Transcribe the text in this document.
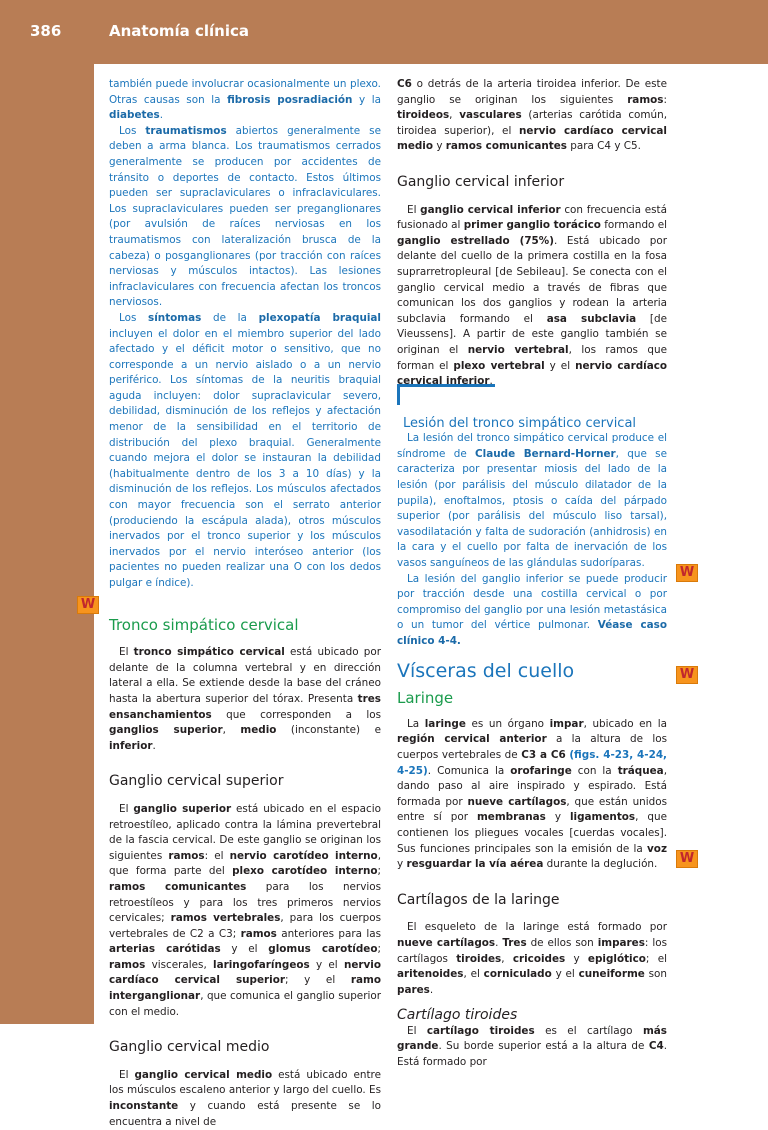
386	Anatomía clínica

también puede involucrar ocasionalmente un plexo. Otras causas son la fibrosis posradiación y la diabetes.

Los traumatismos abiertos generalmente se deben a arma blanca. Los traumatismos cerrados generalmente se producen por accidentes de tránsito o deportes de contacto. Estos últimos pueden ser supraclaviculares o infraclaviculares. Los supraclaviculares pueden ser preganglionares (por avulsión de raíces nerviosas en los traumatismos con lateralización brusca de la cabeza) o posganglionares (por tracción con raíces nerviosas y músculos intactos). Las lesiones infraclaviculares con frecuencia afectan los troncos nerviosos.

Los síntomas de la plexopatía braquial incluyen el dolor en el miembro superior del lado afectado y el déficit motor o sensitivo, que no corresponde a un nervio aislado o a un nervio periférico. Los síntomas de la neuritis braquial aguda incluyen: dolor supraclavicular severo, debilidad, disminución de los reflejos y afectación menor de la sensibilidad en el territorio de distribución del plexo braquial. Generalmente cuando mejora el dolor se instauran la debilidad (habitualmente dentro de los 3 a 10 días) y la disminución de los reflejos. Los músculos afectados con mayor frecuencia son el serrato anterior (produciendo la escápula alada), otros músculos inervados por el tronco superior y los músculos inervados por el nervio interóseo anterior (los pacientes no pueden realizar una O con los dedos pulgar e índice).

Tronco simpático cervical

El tronco simpático cervical está ubicado por delante de la columna vertebral y en dirección lateral a ella. Se extiende desde la base del cráneo hasta la abertura superior del tórax. Presenta tres ensanchamientos que corresponden a los ganglios superior, medio (inconstante) e inferior.

Ganglio cervical superior

El ganglio superior está ubicado en el espacio retroestíleo, aplicado contra la lámina prevertebral de la fascia cervical. De este ganglio se originan los siguientes ramos: el nervio carotídeo interno, que forma parte del plexo carotídeo interno; ramos comunicantes para los nervios retroestíleos y para los tres primeros nervios cervicales; ramos vertebrales, para los cuerpos vertebrales de C2 a C3; ramos anteriores para las arterias carótidas y el glomus carotídeo; ramos viscerales, laringofaríngeos y el nervio cardíaco cervical superior; y el ramo interganglionar, que comunica el ganglio superior con el medio.

Ganglio cervical medio

El ganglio cervical medio está ubicado entre los músculos escaleno anterior y largo del cuello. Es inconstante y cuando está presente se lo encuentra a nivel de

C6 o detrás de la arteria tiroidea inferior. De este ganglio se originan los siguientes ramos: tiroideos, vasculares (arterias carótida común, tiroidea superior), el nervio cardíaco cervical medio y ramos comunicantes para C4 y C5.

Ganglio cervical inferior

El ganglio cervical inferior con frecuencia está fusionado al primer ganglio torácico formando el ganglio estrellado (75%). Está ubicado por delante del cuello de la primera costilla en la fosa suprarretropleural [de Sebileau]. Se conecta con el ganglio cervical medio a través de fibras que comunican los dos ganglios y rodean la arteria subclavia formando el asa subclavia [de Vieussens]. A partir de este ganglio también se originan el nervio vertebral, los ramos que forman el plexo vertebral y el nervio cardíaco cervical inferior.

Lesión del tronco simpático cervical

La lesión del tronco simpático cervical produce el síndrome de Claude Bernard-Horner, que se caracteriza por presentar miosis del lado de la lesión (por parálisis del músculo dilatador de la pupila), enoftalmos, ptosis o caída del párpado superior (por parálisis del músculo liso tarsal), vasodilatación y falta de sudoración (anhidrosis) en la cara y el cuello por falta de inervación de los vasos sanguíneos de las glándulas sudoríparas.

La lesión del ganglio inferior se puede producir por tracción desde una costilla cervical o por compromiso del ganglio por una lesión metastásica o un tumor del vértice pulmonar. Véase caso clínico 4-4.

Vísceras del cuello
Laringe

La laringe es un órgano impar, ubicado en la región cervical anterior a la altura de los cuerpos vertebrales de C3 a C6 (figs. 4-23, 4-24, 4-25). Comunica la orofaringe con la tráquea, dando paso al aire inspirado y espirado. Está formada por nueve cartílagos, que están unidos entre sí por membranas y ligamentos, que contienen los pliegues vocales [cuerdas vocales]. Sus funciones principales son la emisión de la voz y resguardar la vía aérea durante la deglución.

Cartílagos de la laringe

El esqueleto de la laringe está formado por nueve cartílagos. Tres de ellos son impares: los cartílagos tiroides, cricoides y epiglótico; el aritenoides, el corniculado y el cuneiforme son pares.

Cartílago tiroides

El cartílago tiroides es el cartílago más grande. Su borde superior está a la altura de C4. Está formado por

W
W
W
W
